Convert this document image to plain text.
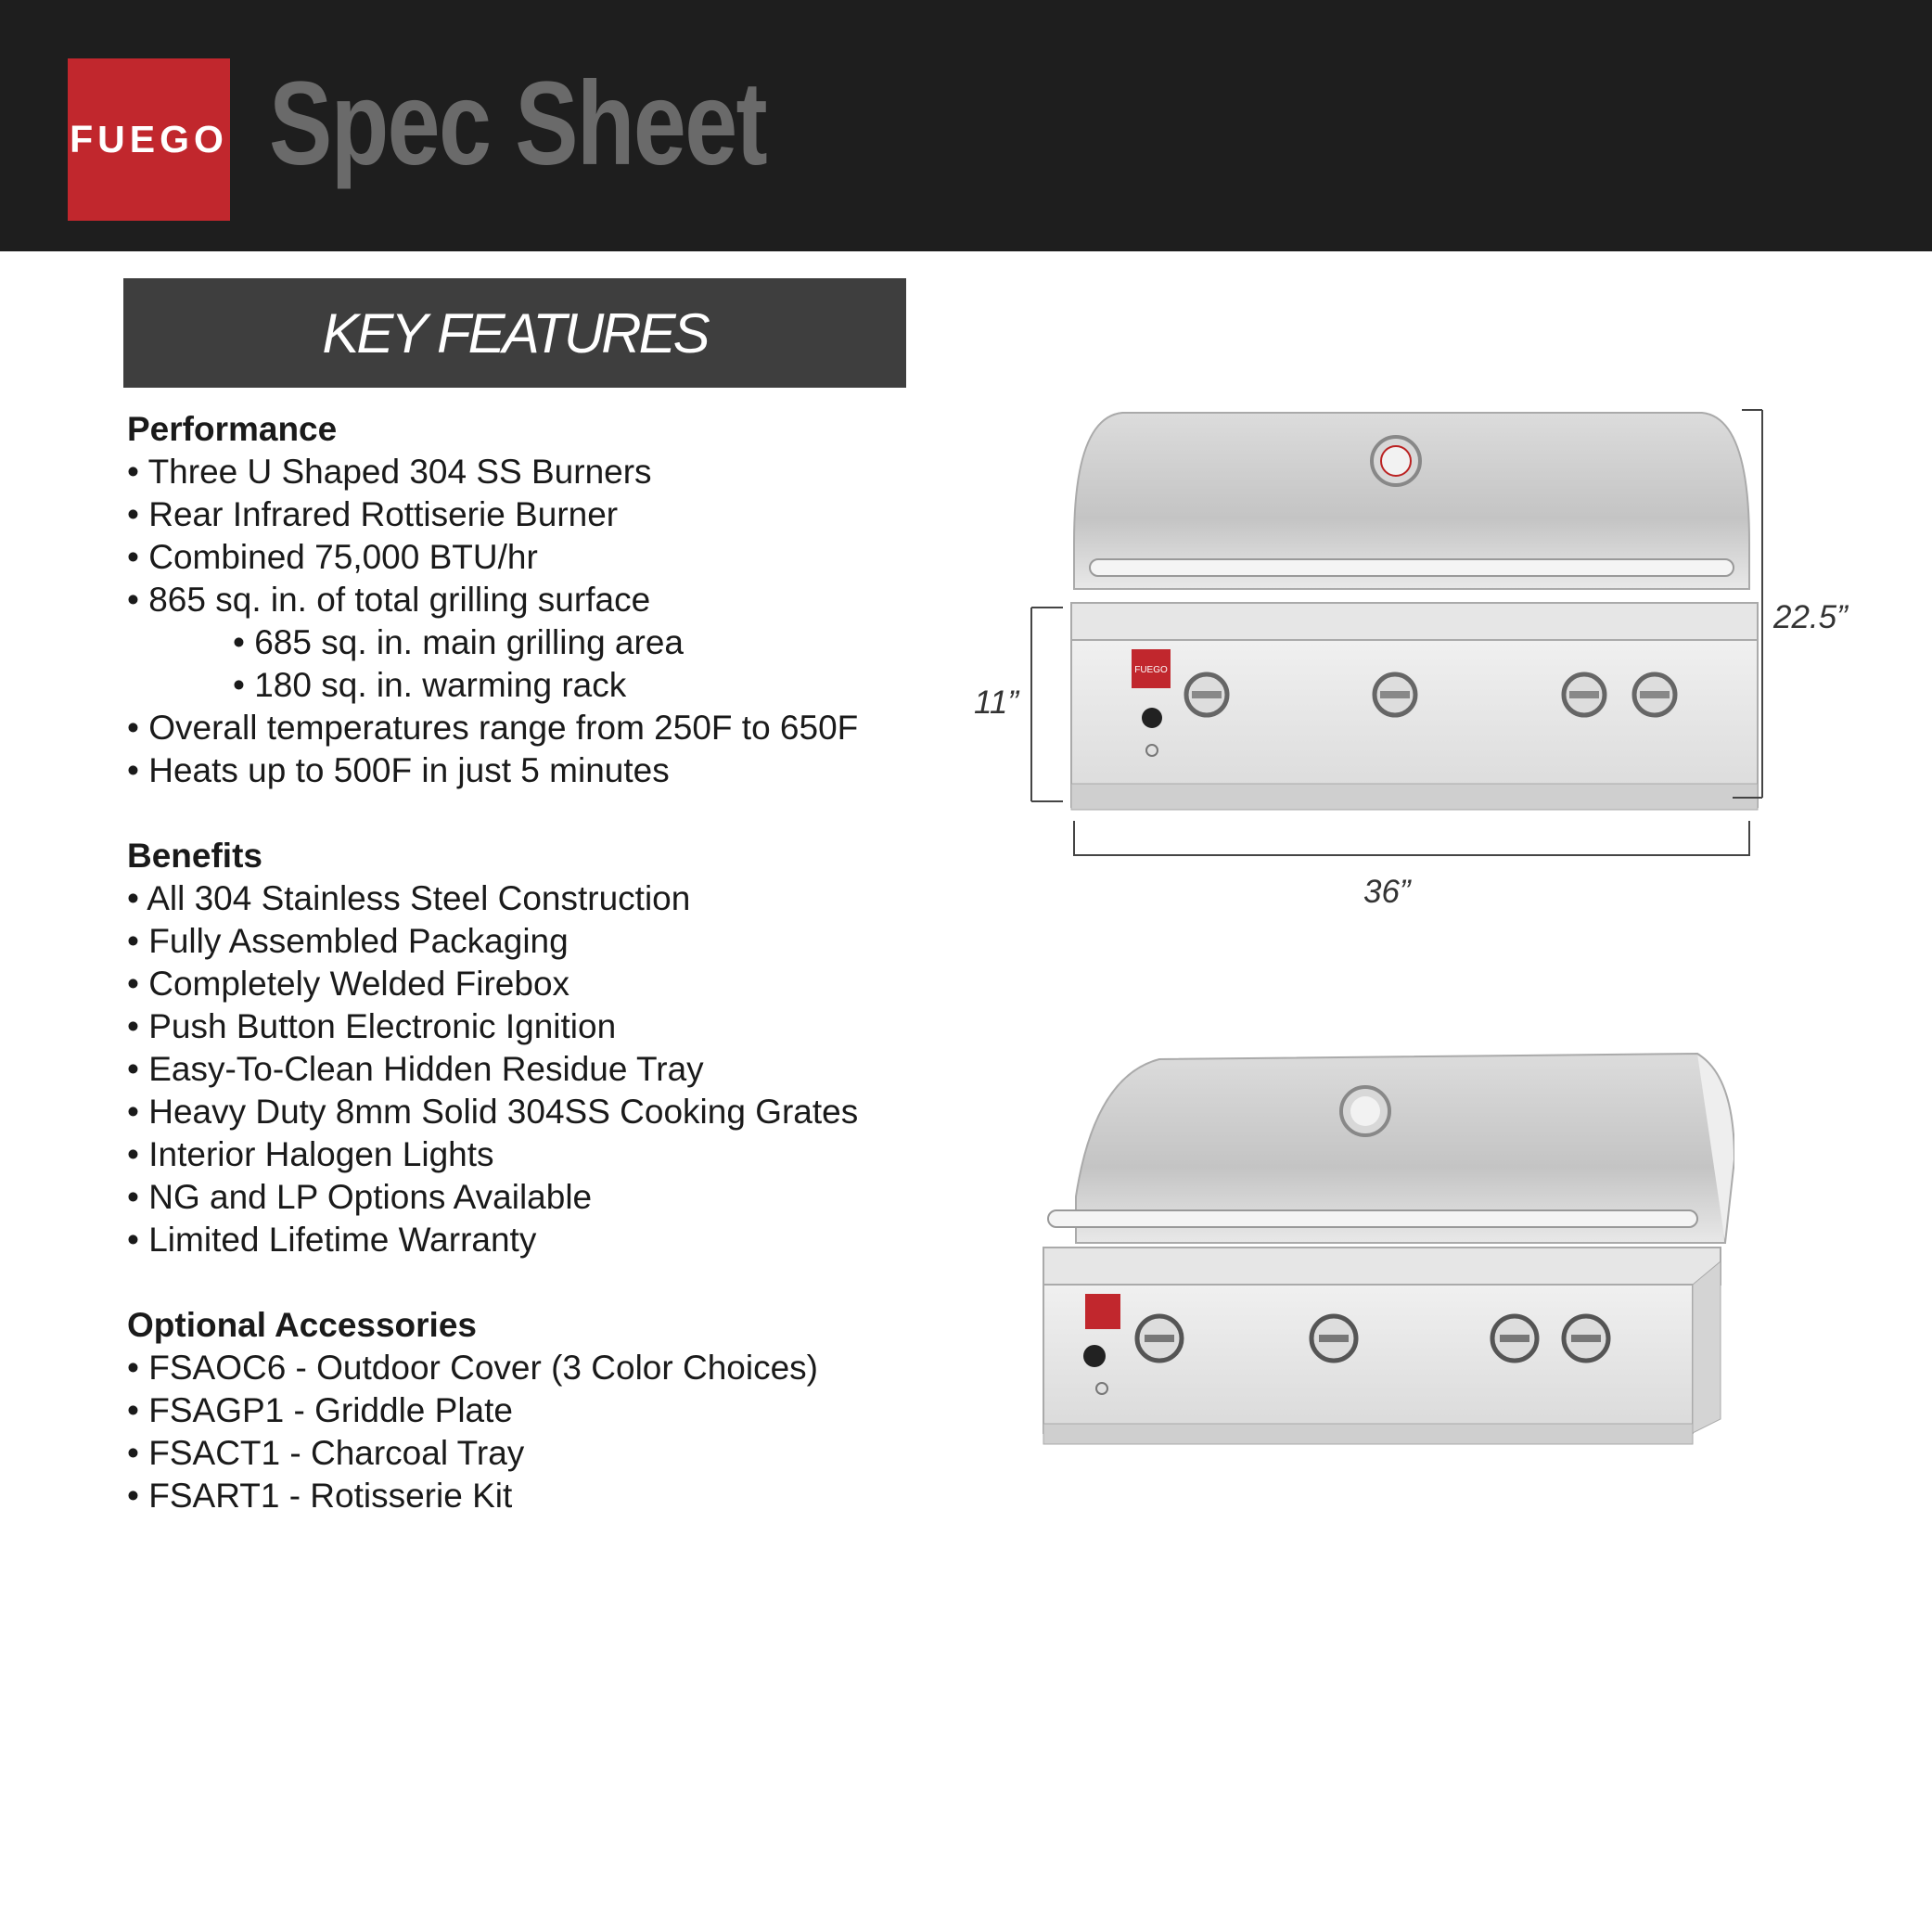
FUEGO Spec Sheet
KEY FEATURES
Performance
• Three U Shaped 304 SS Burners
• Rear Infrared Rottiserie Burner
• Combined 75,000 BTU/hr
• 865 sq. in. of total grilling surface
• 685 sq. in. main grilling area
• 180 sq. in. warming rack
• Overall temperatures range from 250F to 650F
• Heats up to 500F in just 5 minutes
Benefits
• All 304 Stainless Steel Construction
• Fully Assembled Packaging
• Completely Welded Firebox
• Push Button Electronic Ignition
• Easy-To-Clean Hidden Residue Tray
• Heavy Duty 8mm Solid 304SS Cooking Grates
• Interior Halogen Lights
• NG and LP Options Available
• Limited Lifetime Warranty
Optional Accessories
• FSAOC6 - Outdoor Cover (3 Color Choices)
• FSAGP1 - Griddle Plate
• FSACT1 - Charcoal Tray
• FSART1 - Rotisserie Kit
FUEGO
22.5”
11”
36”
